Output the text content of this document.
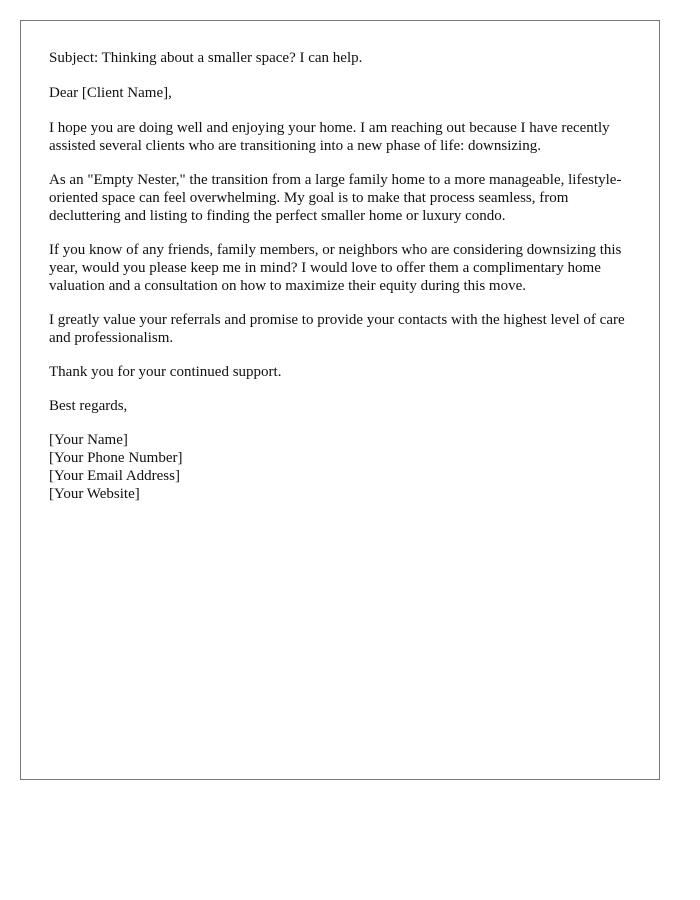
Subject: Thinking about a smaller space? I can help.

Dear [Client Name],

I hope you are doing well and enjoying your home. I am reaching out because I have recently assisted several clients who are transitioning into a new phase of life: downsizing.

As an "Empty Nester," the transition from a large family home to a more manageable, lifestyle-oriented space can feel overwhelming. My goal is to make that process seamless, from decluttering and listing to finding the perfect smaller home or luxury condo.

If you know of any friends, family members, or neighbors who are considering downsizing this year, would you please keep me in mind? I would love to offer them a complimentary home valuation and a consultation on how to maximize their equity during this move.

I greatly value your referrals and promise to provide your contacts with the highest level of care and professionalism.

Thank you for your continued support.

Best regards,

[Your Name]
[Your Phone Number]
[Your Email Address]
[Your Website]
